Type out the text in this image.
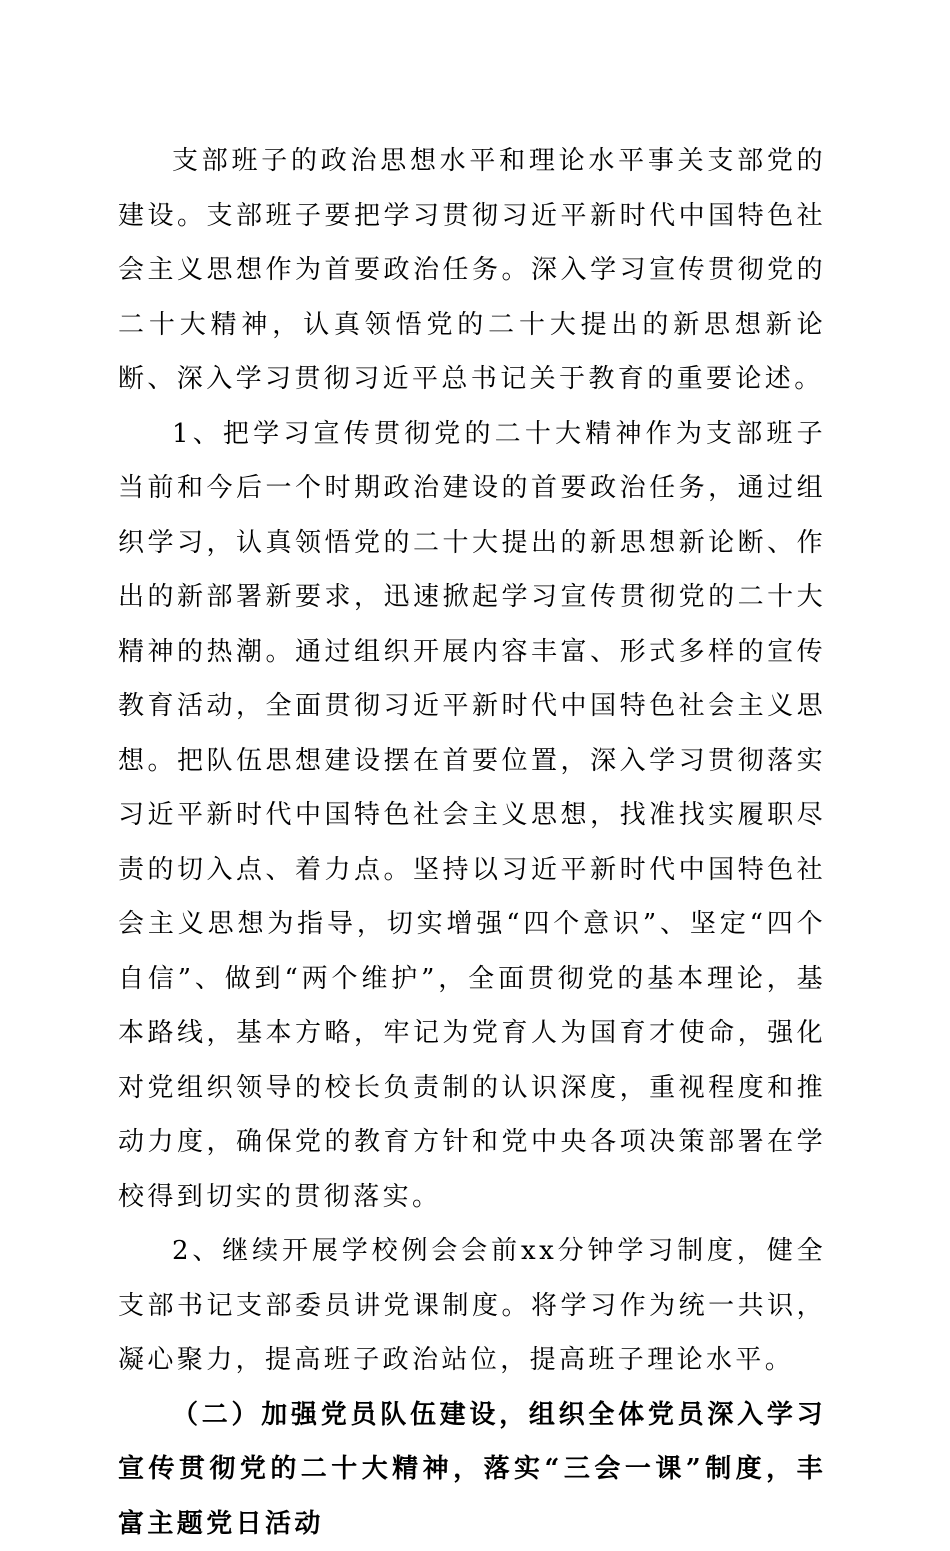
支部班子的政治思想水平和理论水平事关支部党的建设。支部班子要把学习贯彻习近平新时代中国特色社会主义思想作为首要政治任务。深入学习宣传贯彻党的二十大精神，认真领悟党的二十大提出的新思想新论断、深入学习贯彻习近平总书记关于教育的重要论述。

1、把学习宣传贯彻党的二十大精神作为支部班子当前和今后一个时期政治建设的首要政治任务，通过组织学习，认真领悟党的二十大提出的新思想新论断、作出的新部署新要求，迅速掀起学习宣传贯彻党的二十大精神的热潮。通过组织开展内容丰富、形式多样的宣传教育活动，全面贯彻习近平新时代中国特色社会主义思想。把队伍思想建设摆在首要位置，深入学习贯彻落实习近平新时代中国特色社会主义思想，找准找实履职尽责的切入点、着力点。坚持以习近平新时代中国特色社会主义思想为指导，切实增强“四个意识”、坚定“四个自信”、做到“两个维护”，全面贯彻党的基本理论，基本路线，基本方略，牢记为党育人为国育才使命，强化对党组织领导的校长负责制的认识深度，重视程度和推动力度，确保党的教育方针和党中央各项决策部署在学校得到切实的贯彻落实。

2、继续开展学校例会会前xx分钟学习制度，健全支部书记支部委员讲党课制度。将学习作为统一共识，凝心聚力，提高班子政治站位，提高班子理论水平。

（二）加强党员队伍建设，组织全体党员深入学习宣传贯彻党的二十大精神，落实“三会一课”制度，丰富主题党日活动
